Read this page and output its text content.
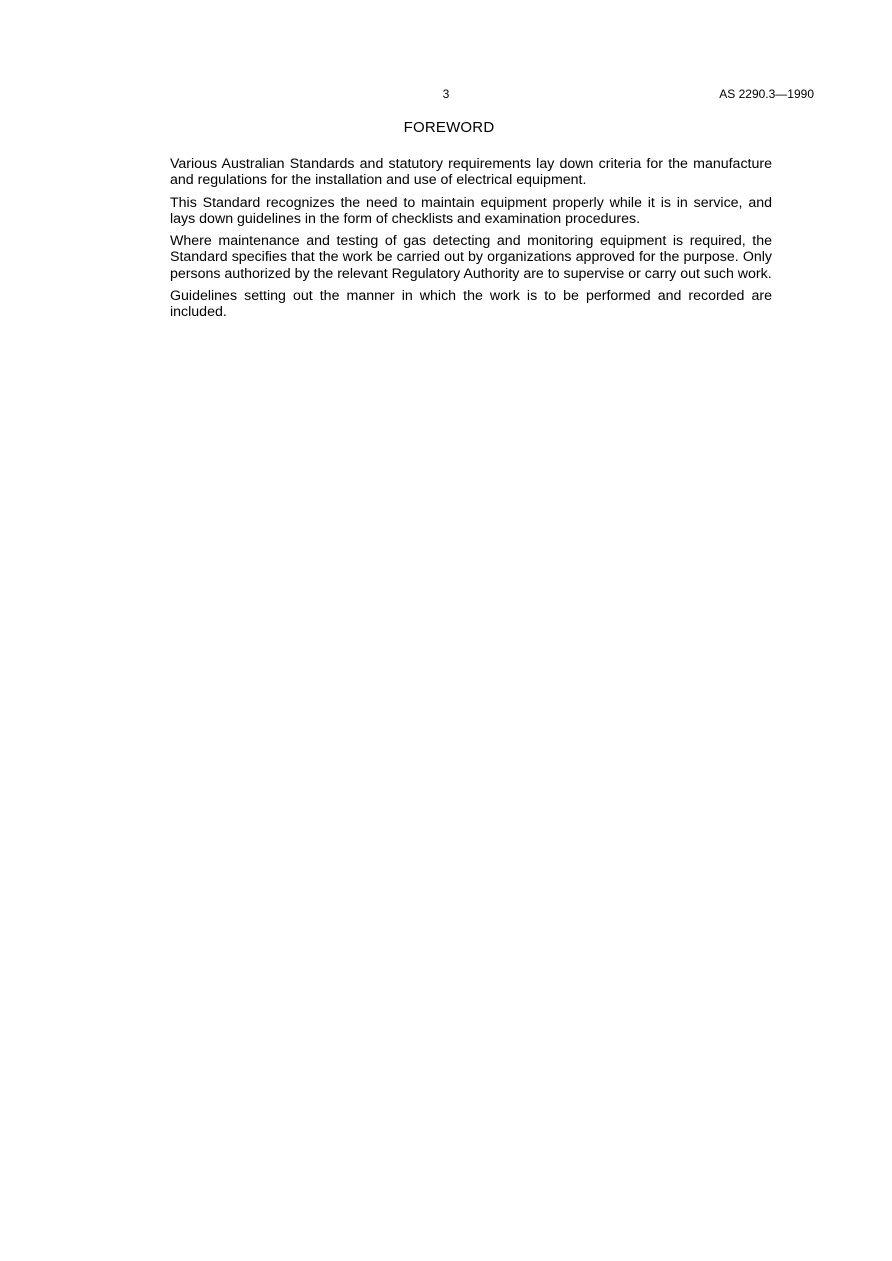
3	AS 2290.3—1990
FOREWORD

Various Australian Standards and statutory requirements lay down criteria for the manufacture and regulations for the installation and use of electrical equipment.

This Standard recognizes the need to maintain equipment properly while it is in service, and lays down guidelines in the form of checklists and examination procedures.

Where maintenance and testing of gas detecting and monitoring equipment is required, the Standard specifies that the work be carried out by organizations approved for the purpose. Only persons authorized by the relevant Regulatory Authority are to supervise or carry out such work.

Guidelines setting out the manner in which the work is to be performed and recorded are included.
